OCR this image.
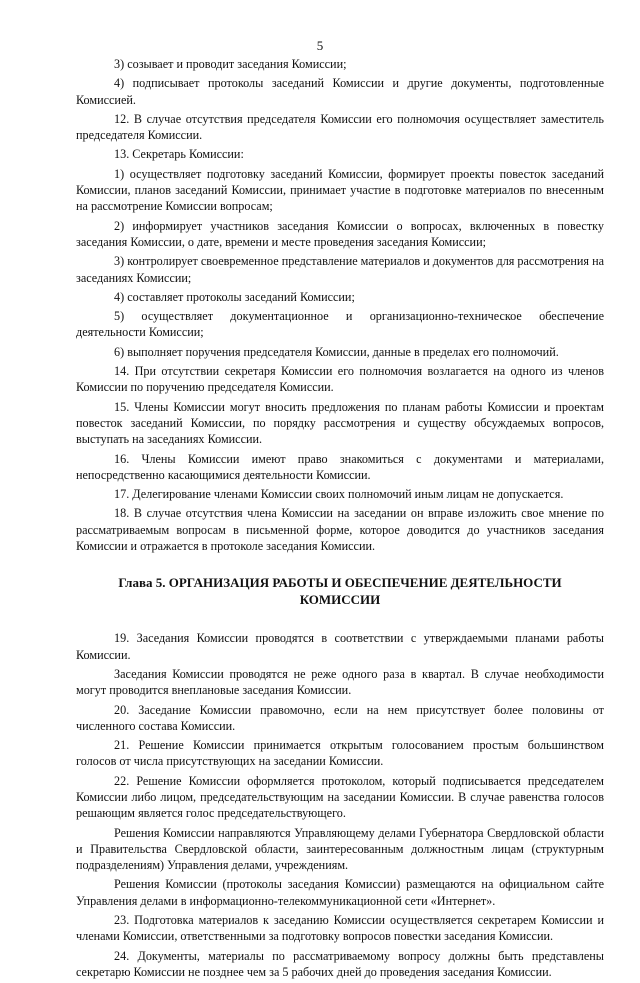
5

3) созывает и проводит заседания Комиссии;

4) подписывает протоколы заседаний Комиссии и другие документы, подготовленные Комиссией.

12. В случае отсутствия председателя Комиссии его полномочия осуществляет заместитель председателя Комиссии.

13. Секретарь Комиссии:

1) осуществляет подготовку заседаний Комиссии, формирует проекты повесток заседаний Комиссии, планов заседаний Комиссии, принимает участие в подготовке материалов по внесенным на рассмотрение Комиссии вопросам;

2) информирует участников заседания Комиссии о вопросах, включенных в повестку заседания Комиссии, о дате, времени и месте проведения заседания Комиссии;

3) контролирует своевременное представление материалов и документов для рассмотрения на заседаниях Комиссии;

4) составляет протоколы заседаний Комиссии;

5) осуществляет документационное и организационно-техническое обеспечение деятельности Комиссии;

6) выполняет поручения председателя Комиссии, данные в пределах его полномочий.

14. При отсутствии секретаря Комиссии его полномочия возлагается на одного из членов Комиссии по поручению председателя Комиссии.

15. Члены Комиссии могут вносить предложения по планам работы Комиссии и проектам повесток заседаний Комиссии, по порядку рассмотрения и существу обсуждаемых вопросов, выступать на заседаниях Комиссии.

16. Члены Комиссии имеют право знакомиться с документами и материалами, непосредственно касающимися деятельности Комиссии.

17. Делегирование членами Комиссии своих полномочий иным лицам не допускается.

18. В случае отсутствия члена Комиссии на заседании он вправе изложить свое мнение по рассматриваемым вопросам в письменной форме, которое доводится до участников заседания Комиссии и отражается в протоколе заседания Комиссии.

Глава 5. ОРГАНИЗАЦИЯ РАБОТЫ И ОБЕСПЕЧЕНИЕ ДЕЯТЕЛЬНОСТИ КОМИССИИ

19. Заседания Комиссии проводятся в соответствии с утверждаемыми планами работы Комиссии.

Заседания Комиссии проводятся не реже одного раза в квартал. В случае необходимости могут проводится внеплановые заседания Комиссии.

20. Заседание Комиссии правомочно, если на нем присутствует более половины от численного состава Комиссии.

21. Решение Комиссии принимается открытым голосованием простым большинством голосов от числа присутствующих на заседании Комиссии.

22. Решение Комиссии оформляется протоколом, который подписывается председателем Комиссии либо лицом, председательствующим на заседании Комиссии. В случае равенства голосов решающим является голос председательствующего.

Решения Комиссии направляются Управляющему делами Губернатора Свердловской области и Правительства Свердловской области, заинтересованным должностным лицам (структурным подразделениям) Управления делами, учреждениям.

Решения Комиссии (протоколы заседания Комиссии) размещаются на официальном сайте Управления делами в информационно-телекоммуникационной сети «Интернет».

23. Подготовка материалов к заседанию Комиссии осуществляется секретарем Комиссии и членами Комиссии, ответственными за подготовку вопросов повестки заседания Комиссии.

24. Документы, материалы по рассматриваемому вопросу должны быть представлены секретарю Комиссии не позднее чем за 5 рабочих дней до проведения заседания Комиссии.
